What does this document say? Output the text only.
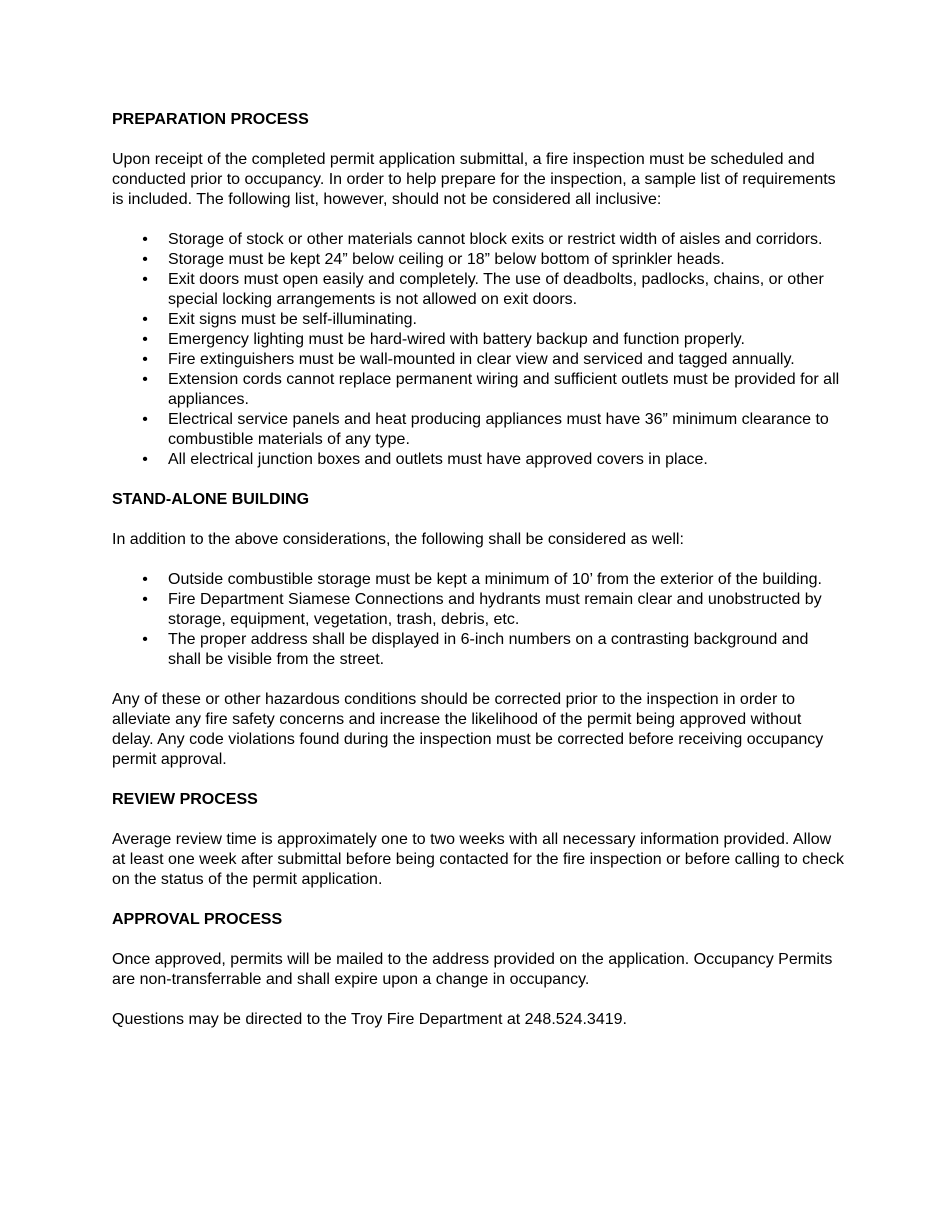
PREPARATION PROCESS

Upon receipt of the completed permit application submittal, a fire inspection must be scheduled and conducted prior to occupancy. In order to help prepare for the inspection, a sample list of requirements is included. The following list, however, should not be considered all inclusive:

• Storage of stock or other materials cannot block exits or restrict width of aisles and corridors.
• Storage must be kept 24” below ceiling or 18” below bottom of sprinkler heads.
• Exit doors must open easily and completely. The use of deadbolts, padlocks, chains, or other special locking arrangements is not allowed on exit doors.
• Exit signs must be self-illuminating.
• Emergency lighting must be hard-wired with battery backup and function properly.
• Fire extinguishers must be wall-mounted in clear view and serviced and tagged annually.
• Extension cords cannot replace permanent wiring and sufficient outlets must be provided for all appliances.
• Electrical service panels and heat producing appliances must have 36” minimum clearance to combustible materials of any type.
• All electrical junction boxes and outlets must have approved covers in place.
STAND-ALONE BUILDING

In addition to the above considerations, the following shall be considered as well:

• Outside combustible storage must be kept a minimum of 10’ from the exterior of the building.
• Fire Department Siamese Connections and hydrants must remain clear and unobstructed by storage, equipment, vegetation, trash, debris, etc.
• The proper address shall be displayed in 6-inch numbers on a contrasting background and shall be visible from the street.

Any of these or other hazardous conditions should be corrected prior to the inspection in order to alleviate any fire safety concerns and increase the likelihood of the permit being approved without delay. Any code violations found during the inspection must be corrected before receiving occupancy permit approval.

REVIEW PROCESS

Average review time is approximately one to two weeks with all necessary information provided. Allow at least one week after submittal before being contacted for the fire inspection or before calling to check on the status of the permit application.

APPROVAL PROCESS

Once approved, permits will be mailed to the address provided on the application. Occupancy Permits are non-transferrable and shall expire upon a change in occupancy.

Questions may be directed to the Troy Fire Department at 248.524.3419.
